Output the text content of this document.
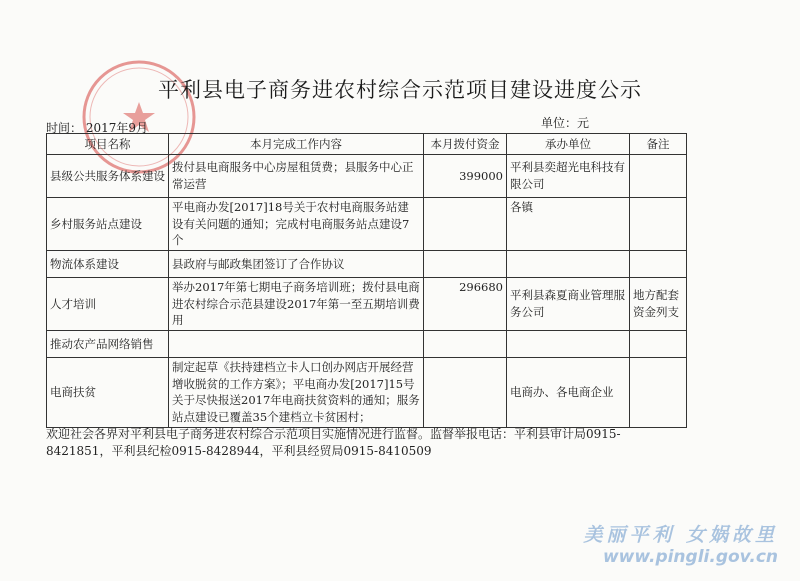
平利县电子商务进农村综合示范项目建设进度公示
时间： 2017年9月	单位：元
项目名称	本月完成工作内容	本月拨付资金	承办单位	备注
县级公共服务体系建设	拨付县电商服务中心房屋租赁费；县服务中心正常运营	399000	平利县奕超光电科技有限公司	
乡村服务站点建设	平电商办发[2017]18号关于农村电商服务站建设有关问题的通知；完成村电商服务站点建设7个		各镇	
物流体系建设	县政府与邮政集团签订了合作协议			
人才培训	举办2017年第七期电子商务培训班；拨付县电商进农村综合示范县建设2017年第一至五期培训费用	296680	平利县森夏商业管理服务公司	地方配套资金列支
推动农产品网络销售				
电商扶贫	制定起草《扶持建档立卡人口创办网店开展经营增收脱贫的工作方案》；平电商办发[2017]15号关于尽快报送2017年电商扶贫资料的通知；服务站点建设已覆盖35个建档立卡贫困村；		电商办、各电商企业	
欢迎社会各界对平利县电子商务进农村综合示范项目实施情况进行监督。监督举报电话：平利县审计局0915-8421851，平利县纪检0915-8428944，平利县经贸局0915-8410509
美丽平利 女娲故里
www.pingli.gov.cn
